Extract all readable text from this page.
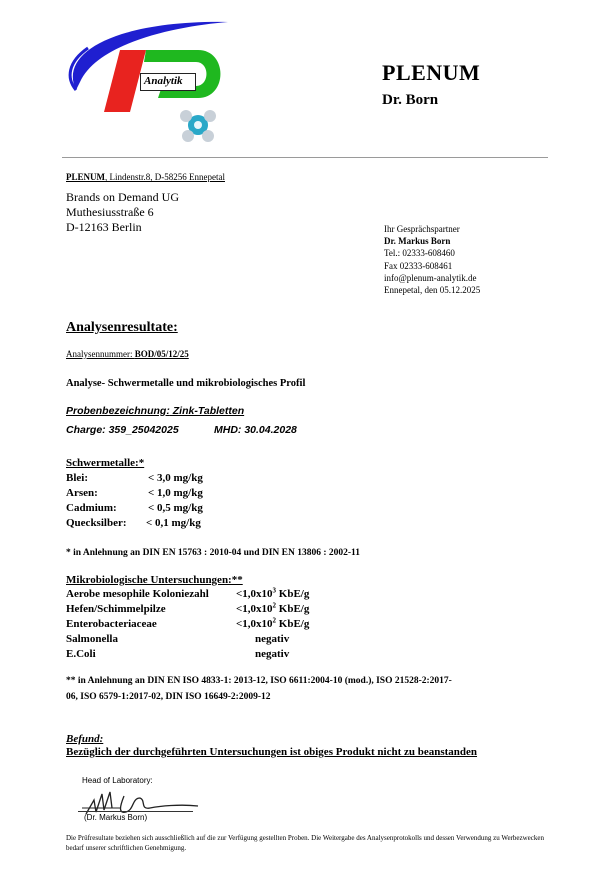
Analytik	PLENUM
Dr. Born
PLENUM, Lindenstr.8, D-58256 Ennepetal
Brands on Demand UG
Muthesiusstraße 6
D-12163 Berlin	Ihr Gesprächspartner
Dr. Markus Born
Tel.: 02333-608460
Fax 02333-608461
info@plenum-analytik.de
Ennepetal, den 05.12.2025
Analysenresultate:
Analysennummer: BOD/05/12/25
Analyse- Schwermetalle und mikrobiologisches Profil
Probenbezeichnung: Zink-Tabletten
Charge: 359_25042025	MHD: 30.04.2028
Schwermetalle:*
Blei:	< 3,0 mg/kg
Arsen:	< 1,0 mg/kg
Cadmium:	< 0,5 mg/kg
Quecksilber: < 0,1 mg/kg
* in Anlehnung an DIN EN 15763 : 2010-04 und DIN EN 13806 : 2002-11
Mikrobiologische Untersuchungen:**
Aerobe mesophile Koloniezahl $<1,0x10^3$ KbE/g
Hefen/Schimmelpilze	$<1,0x10^2$ KbE/g
Enterobacteriaceae	$<1,0x10^2$ KbE/g
Salmonella	negativ
E.Coli	negativ
** in Anlehnung an DIN EN ISO 4833-1: 2013-12, ISO 6611:2004-10 (mod.), ISO 21528-2:2017-
06, ISO 6579-1:2017-02, DIN ISO 16649-2:2009-12
Befund:
Bezüglich der durchgeführten Untersuchungen ist obiges Produkt nicht zu beanstanden
Head of Laboratory:
(Dr. Markus Born)
Die Prüfresultate beziehen sich ausschließlich auf die zur Verfügung gestellten Proben. Die Weitergabe des Analysenprotokolls und dessen Verwendung zu Werbezwecken bedarf unserer schriftlichen Genehmigung.
